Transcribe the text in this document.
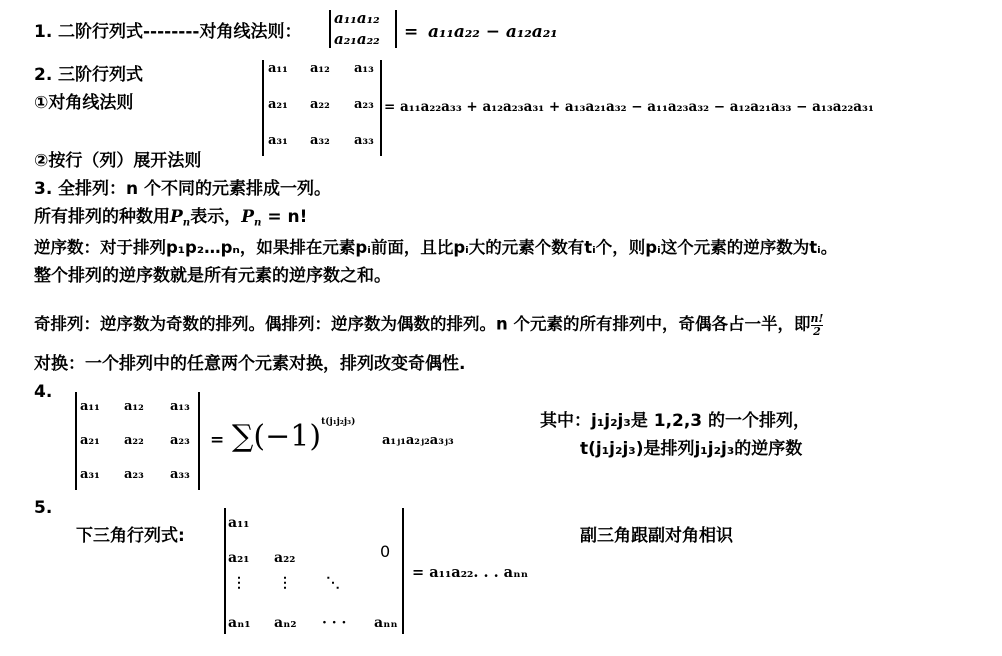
1. 二阶行列式--------对角线法则：
a₁₁a₁₂
a₂₁a₂₂ = a₁₁a₂₂ − a₁₂a₂₁
2. 三阶行列式
①对角线法则
a₁₁ a₁₂ a₁₃
a₂₁ a₂₂ a₂₃
a₃₁ a₃₂ a₃₃
= a₁₁a₂₂a₃₃ + a₁₂a₂₃a₃₁ + a₁₃a₂₁a₃₂ − a₁₁a₂₃a₃₂ − a₁₂a₂₁a₃₃ − a₁₃a₂₂a₃₁
②按行（列）展开法则
3. 全排列：n 个不同的元素排成一列。
所有排列的种数用$P_n$表示，$P_n = n$!
逆序数：对于排列p₁p₂…pₙ，如果排在元素pᵢ前面，且比pᵢ大的元素个数有tᵢ个，则pᵢ这个元素的逆序数为tᵢ。
整个排列的逆序数就是所有元素的逆序数之和。
奇排列：逆序数为奇数的排列。偶排列：逆序数为偶数的排列。n 个元素的所有排列中，奇偶各占一半，即 $\frac{n!}{2}$
对换：一个排列中的任意两个元素对换，排列改变奇偶性.
4.
a₁₁ a₁₂ a₁₃
a₂₁ a₂₂ a₂₃
a₃₁ a₂₃ a₃₃
= $\sum(-1)^{t(j_1j_2j_3)}$
a₁ⱼ₁a₂ⱼ₂a₃ⱼ₃
其中：j₁j₂j₃是 1,2,3 的一个排列，
t(j₁j₂j₃)是排列j₁j₂j₃的逆序数
5.
下三角行列式:
a₁₁
a₂₁ a₂₂	0
⋮ ⋮ ⋱
aₙ₁ aₙ₂ · · · aₙₙ
= a₁₁a₂₂. . . aₙₙ
副三角跟副对角相识
